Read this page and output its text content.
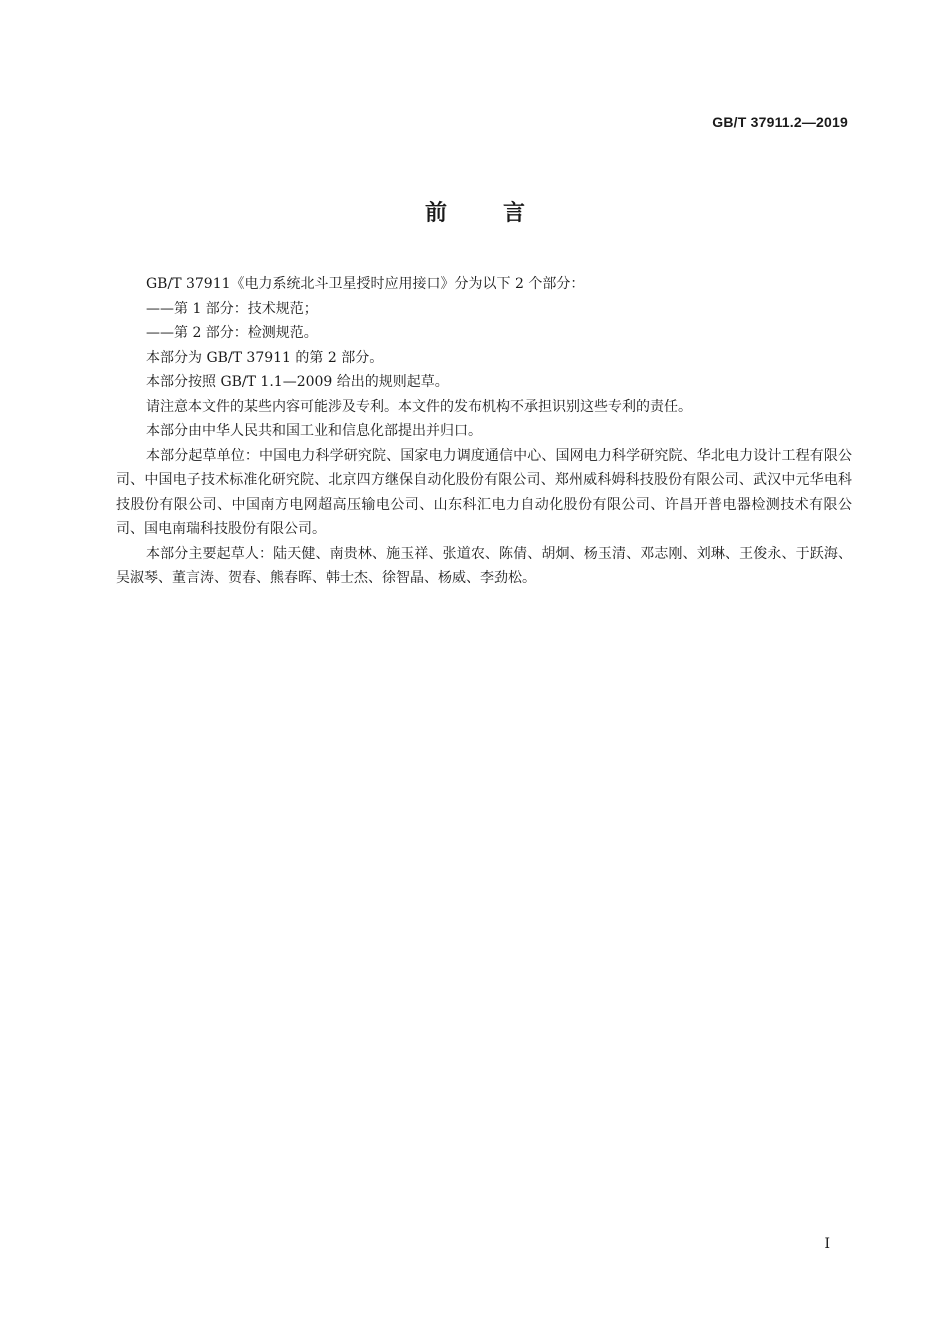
GB/T 37911.2—2019
前言

GB/T 37911《电力系统北斗卫星授时应用接口》分为以下 2 个部分：

——第 1 部分：技术规范；

——第 2 部分：检测规范。

本部分为 GB/T 37911 的第 2 部分。

本部分按照 GB/T 1.1—2009 给出的规则起草。

请注意本文件的某些内容可能涉及专利。本文件的发布机构不承担识别这些专利的责任。

本部分由中华人民共和国工业和信息化部提出并归口。

本部分起草单位：中国电力科学研究院、国家电力调度通信中心、国网电力科学研究院、华北电力设计工程有限公司、中国电子技术标准化研究院、北京四方继保自动化股份有限公司、郑州威科姆科技股份有限公司、武汉中元华电科技股份有限公司、中国南方电网超高压输电公司、山东科汇电力自动化股份有限公司、许昌开普电器检测技术有限公司、国电南瑞科技股份有限公司。

本部分主要起草人：陆天健、南贵林、施玉祥、张道农、陈倩、胡炯、杨玉清、邓志刚、刘琳、王俊永、于跃海、吴淑琴、董言涛、贺春、熊春晖、韩士杰、徐智晶、杨威、李劲松。

I
